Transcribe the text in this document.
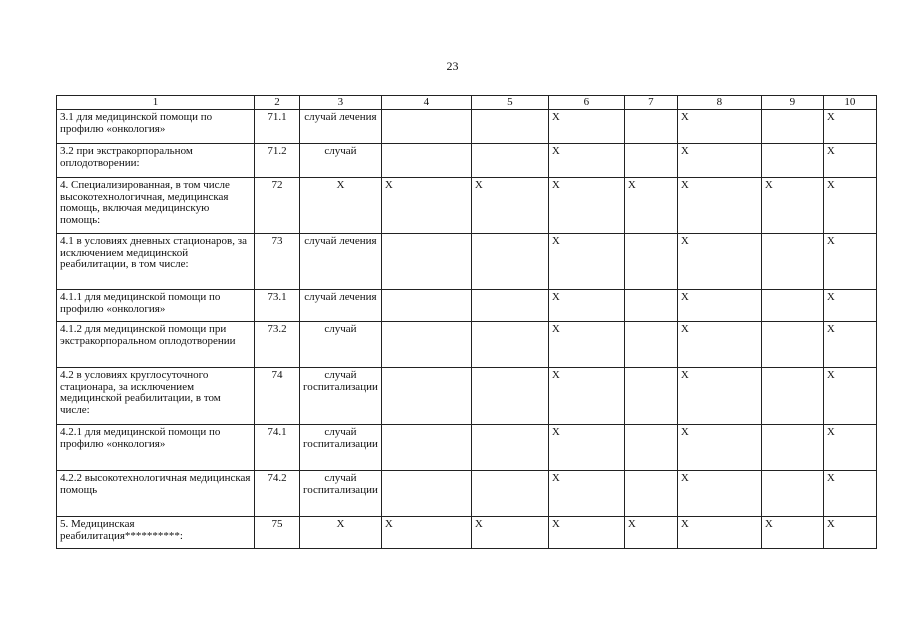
23
1	2	3	4	5	6	7	8	9	10
3.1 для медицинской помощи по профилю «онкология»	71.1	случай лечения			X		X		X
3.2 при экстракорпоральном оплодотворении:	71.2	случай			X		X		X
4. Специализированная, в том числе высокотехнологичная, медицинская помощь, включая медицинскую помощь:	72	X	X	X	X	X	X	X	X
4.1 в условиях дневных стационаров, за исключением медицинской реабилитации, в том числе:	73	случай лечения			X		X		X
4.1.1 для медицинской помощи по профилю «онкология»	73.1	случай лечения			X		X		X
4.1.2 для медицинской помощи при экстракорпоральном оплодотворении	73.2	случай			X		X		X
4.2 в условиях круглосуточного стационара, за исключением медицинской реабилитации, в том числе:	74	случай госпитализации			X		X		X
4.2.1 для медицинской помощи по профилю «онкология»	74.1	случай госпитализации			X		X		X
4.2.2 высокотехнологичная медицинская помощь	74.2	случай госпитализации			X		X		X
5. Медицинская реабилитация**********:	75	X	X	X	X	X	X	X	X
